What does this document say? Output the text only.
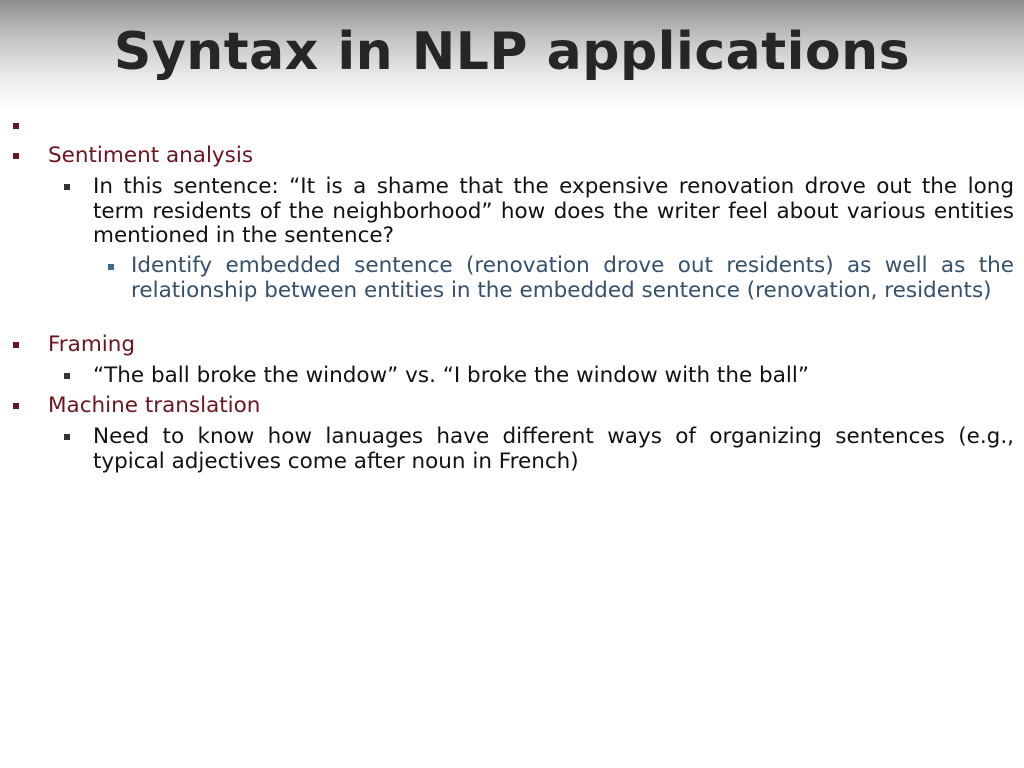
Syntax in NLP applications
Sentiment analysis
In this sentence: “It is a shame that the expensive renovation drove out the long term residents of the neighborhood” how does the writer feel about various entities mentioned in the sentence?
Identify embedded sentence (renovation drove out residents) as well as the relationship between entities in the embedded sentence (renovation, residents)
Framing
“The ball broke the window” vs. “I broke the window with the ball”
Machine translation
Need to know how lanuages have different ways of organizing sentences (e.g., typical adjectives come after noun in French)
